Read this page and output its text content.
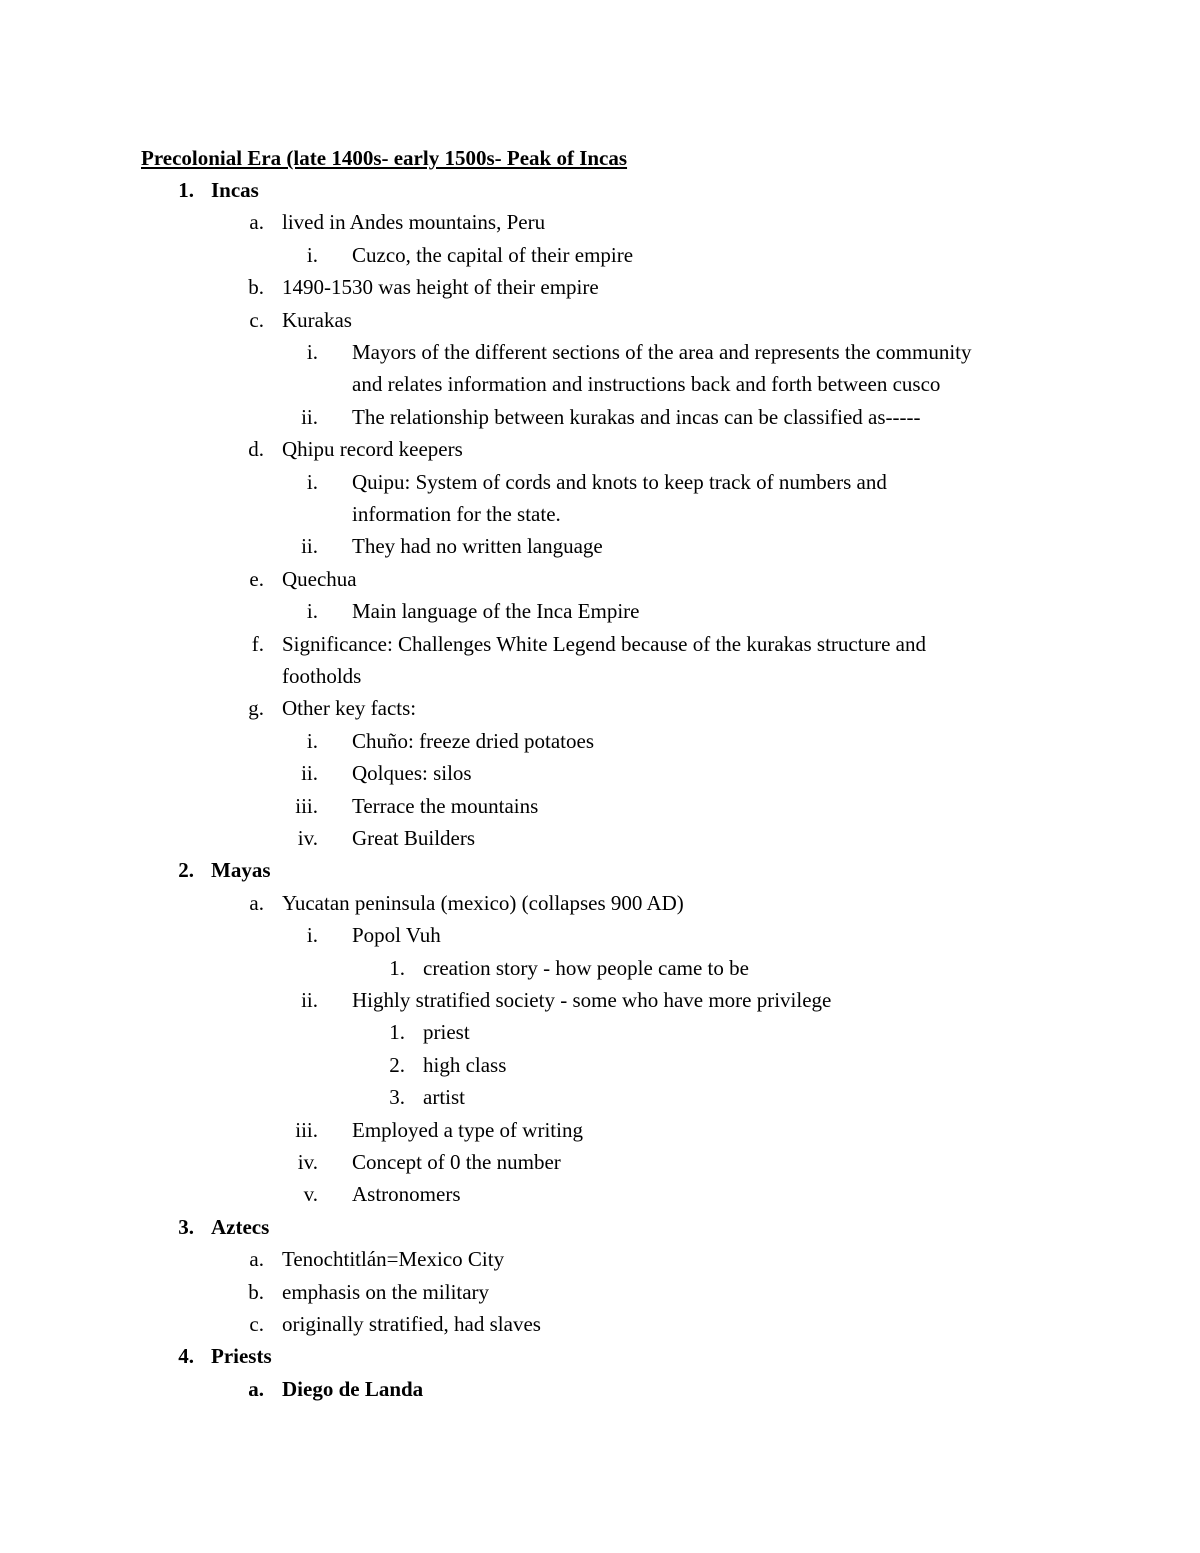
Precolonial Era (late 1400s- early 1500s- Peak of Incas
1. Incas
a. lived in Andes mountains, Peru
i. Cuzco, the capital of their empire
b. 1490-1530 was height of their empire
c. Kurakas
i. Mayors of the different sections of the area and represents the community
and relates information and instructions back and forth between cusco
ii. The relationship between kurakas and incas can be classified as-----
d. Qhipu record keepers
i. Quipu: System of cords and knots to keep track of numbers and
information for the state.
ii. They had no written language
e. Quechua
i. Main language of the Inca Empire
f. Significance: Challenges White Legend because of the kurakas structure and
footholds
g. Other key facts:
i. Chuño: freeze dried potatoes
ii. Qolques: silos
iii. Terrace the mountains
iv. Great Builders
2. Mayas
a. Yucatan peninsula (mexico) (collapses 900 AD)
i. Popol Vuh
1. creation story - how people came to be
ii. Highly stratified society - some who have more privilege
1. priest
2. high class
3. artist
iii. Employed a type of writing
iv. Concept of 0 the number
v. Astronomers
3. Aztecs
a. Tenochtitlán=Mexico City
b. emphasis on the military
c. originally stratified, had slaves
4. Priests
a. Diego de Landa
